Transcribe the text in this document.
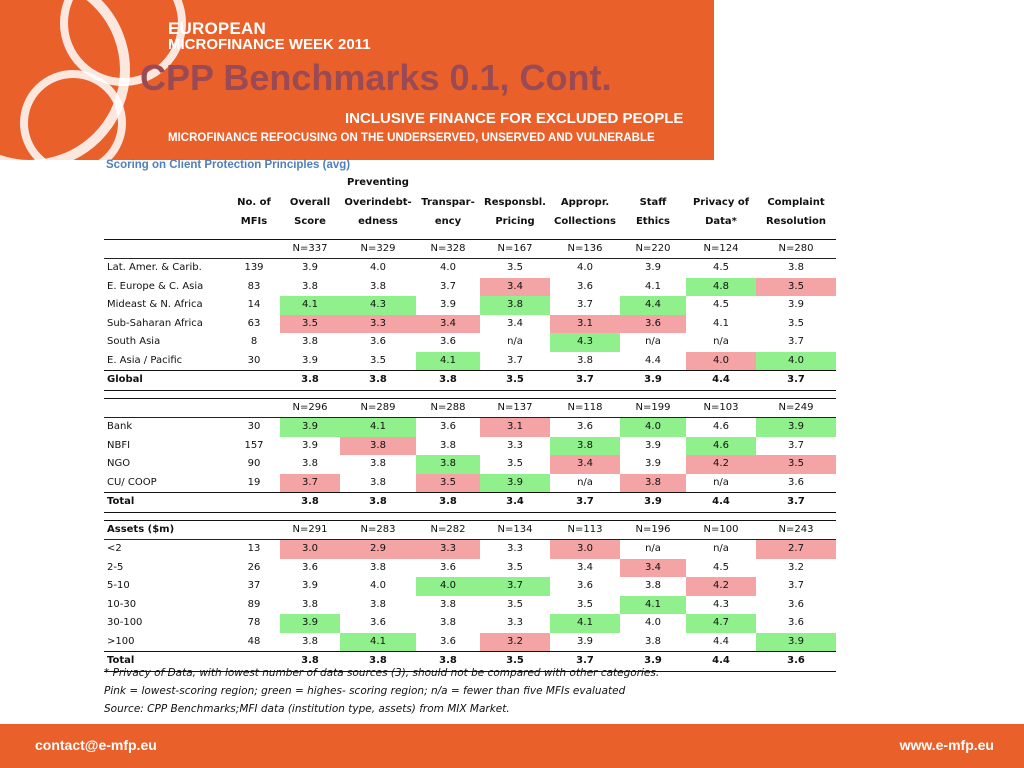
EUROPEAN
MICROFINANCE WEEK 2011
CPP Benchmarks 0.1, Cont.
INCLUSIVE FINANCE FOR EXCLUDED PEOPLE
MICROFINANCE REFOCUSING ON THE UNDERSERVED, UNSERVED AND VULNERABLE
Scoring on Client Protection Principles (avg)
			Preventing						
	No. of	Overall	Overindebt-	Transpar-	Responsbl.	Appropr.	Staff	Privacy of	Complaint
	MFIs	Score	edness	ency	Pricing	Collections	Ethics	Data*	Resolution

		N=337	N=329	N=328	N=167	N=136	N=220	N=124	N=280
Lat. Amer. & Carib.	139	3.9	4.0	4.0	3.5	4.0	3.9	4.5	3.8
E. Europe & C. Asia	83	3.8	3.8	3.7	3.4	3.6	4.1	4.8	3.5
Mideast & N. Africa	14	4.1	4.3	3.9	3.8	3.7	4.4	4.5	3.9
Sub-Saharan Africa	63	3.5	3.3	3.4	3.4	3.1	3.6	4.1	3.5
South Asia	8	3.8	3.6	3.6	n/a	4.3	n/a	n/a	3.7
E. Asia / Pacific	30	3.9	3.5	4.1	3.7	3.8	4.4	4.0	4.0
Global		3.8	3.8	3.8	3.5	3.7	3.9	4.4	3.7

		N=296	N=289	N=288	N=137	N=118	N=199	N=103	N=249
Bank	30	3.9	4.1	3.6	3.1	3.6	4.0	4.6	3.9
NBFI	157	3.9	3.8	3.8	3.3	3.8	3.9	4.6	3.7
NGO	90	3.8	3.8	3.8	3.5	3.4	3.9	4.2	3.5
CU/ COOP	19	3.7	3.8	3.5	3.9	n/a	3.8	n/a	3.6
Total		3.8	3.8	3.8	3.4	3.7	3.9	4.4	3.7

Assets ($m)		N=291	N=283	N=282	N=134	N=113	N=196	N=100	N=243
<2	13	3.0	2.9	3.3	3.3	3.0	n/a	n/a	2.7
2-5	26	3.6	3.8	3.6	3.5	3.4	3.4	4.5	3.2
5-10	37	3.9	4.0	4.0	3.7	3.6	3.8	4.2	3.7
10-30	89	3.8	3.8	3.8	3.5	3.5	4.1	4.3	3.6
30-100	78	3.9	3.6	3.8	3.3	4.1	4.0	4.7	3.6
>100	48	3.8	4.1	3.6	3.2	3.9	3.8	4.4	3.9
Total		3.8	3.8	3.8	3.5	3.7	3.9	4.4	3.6
* Privacy of Data, with lowest number of data sources (3), should not be compared with other categories.
Pink = lowest-scoring region; green = highes- scoring region; n/a = fewer than five MFIs evaluated
Source: CPP Benchmarks;MFI data (institution type, assets) from MIX Market.
contact@e-mfp.eu	www.e-mfp.eu
